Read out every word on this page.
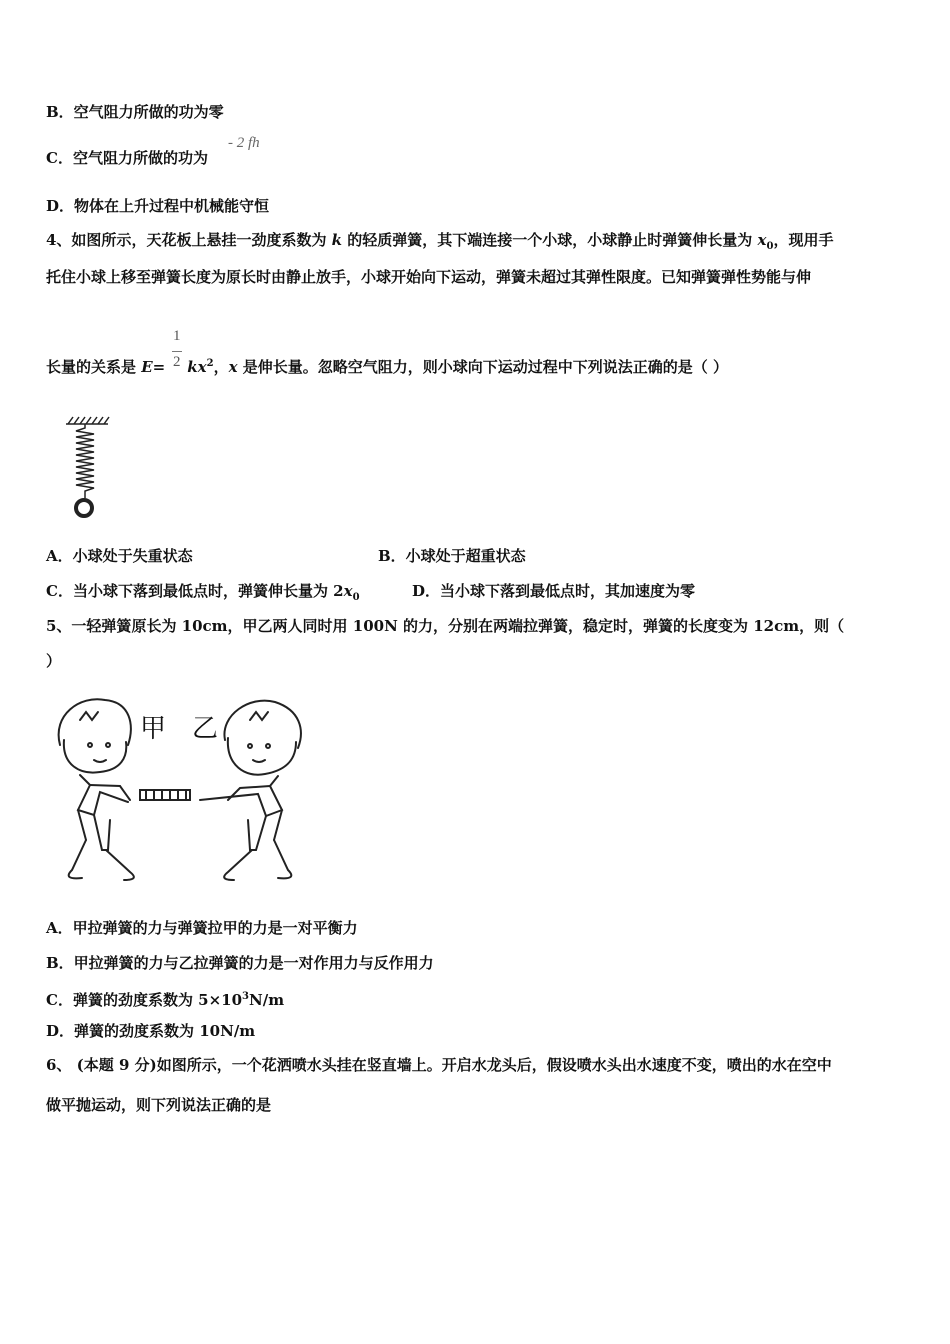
B．空气阻力所做的功为零
C．空气阻力所做的功为
- 2 fh
D．物体在上升过程中机械能守恒
4、如图所示，天花板上悬挂一劲度系数为 k 的轻质弹簧，其下端连接一个小球，小球静止时弹簧伸长量为 $x_0$，现用手
托住小球上移至弹簧长度为原长时由静止放手，小球开始向下运动，弹簧未超过其弹性限度。已知弹簧弹性势能与伸
1
2
长量的关系是 $E= kx^2$，x 是伸长量。忽略空气阻力，则小球向下运动过程中下列说法正确的是（ ）
A．小球处于失重状态	B．小球处于超重状态
C．当小球下落到最低点时，弹簧伸长量为 $2x_0$	D．当小球下落到最低点时，其加速度为零
5、一轻弹簧原长为 10cm，甲乙两人同时用 100N 的力，分别在两端拉弹簧，稳定时，弹簧的长度变为 12cm，则（
）
甲 乙
A．甲拉弹簧的力与弹簧拉甲的力是一对平衡力
B．甲拉弹簧的力与乙拉弹簧的力是一对作用力与反作用力
C．弹簧的劲度系数为 $5\times 10^3N/m$
D．弹簧的劲度系数为 10N/m
6、 (本题 9 分)如图所示，一个花洒喷水头挂在竖直墙上。开启水龙头后，假设喷水头出水速度不变，喷出的水在空中
做平抛运动，则下列说法正确的是
